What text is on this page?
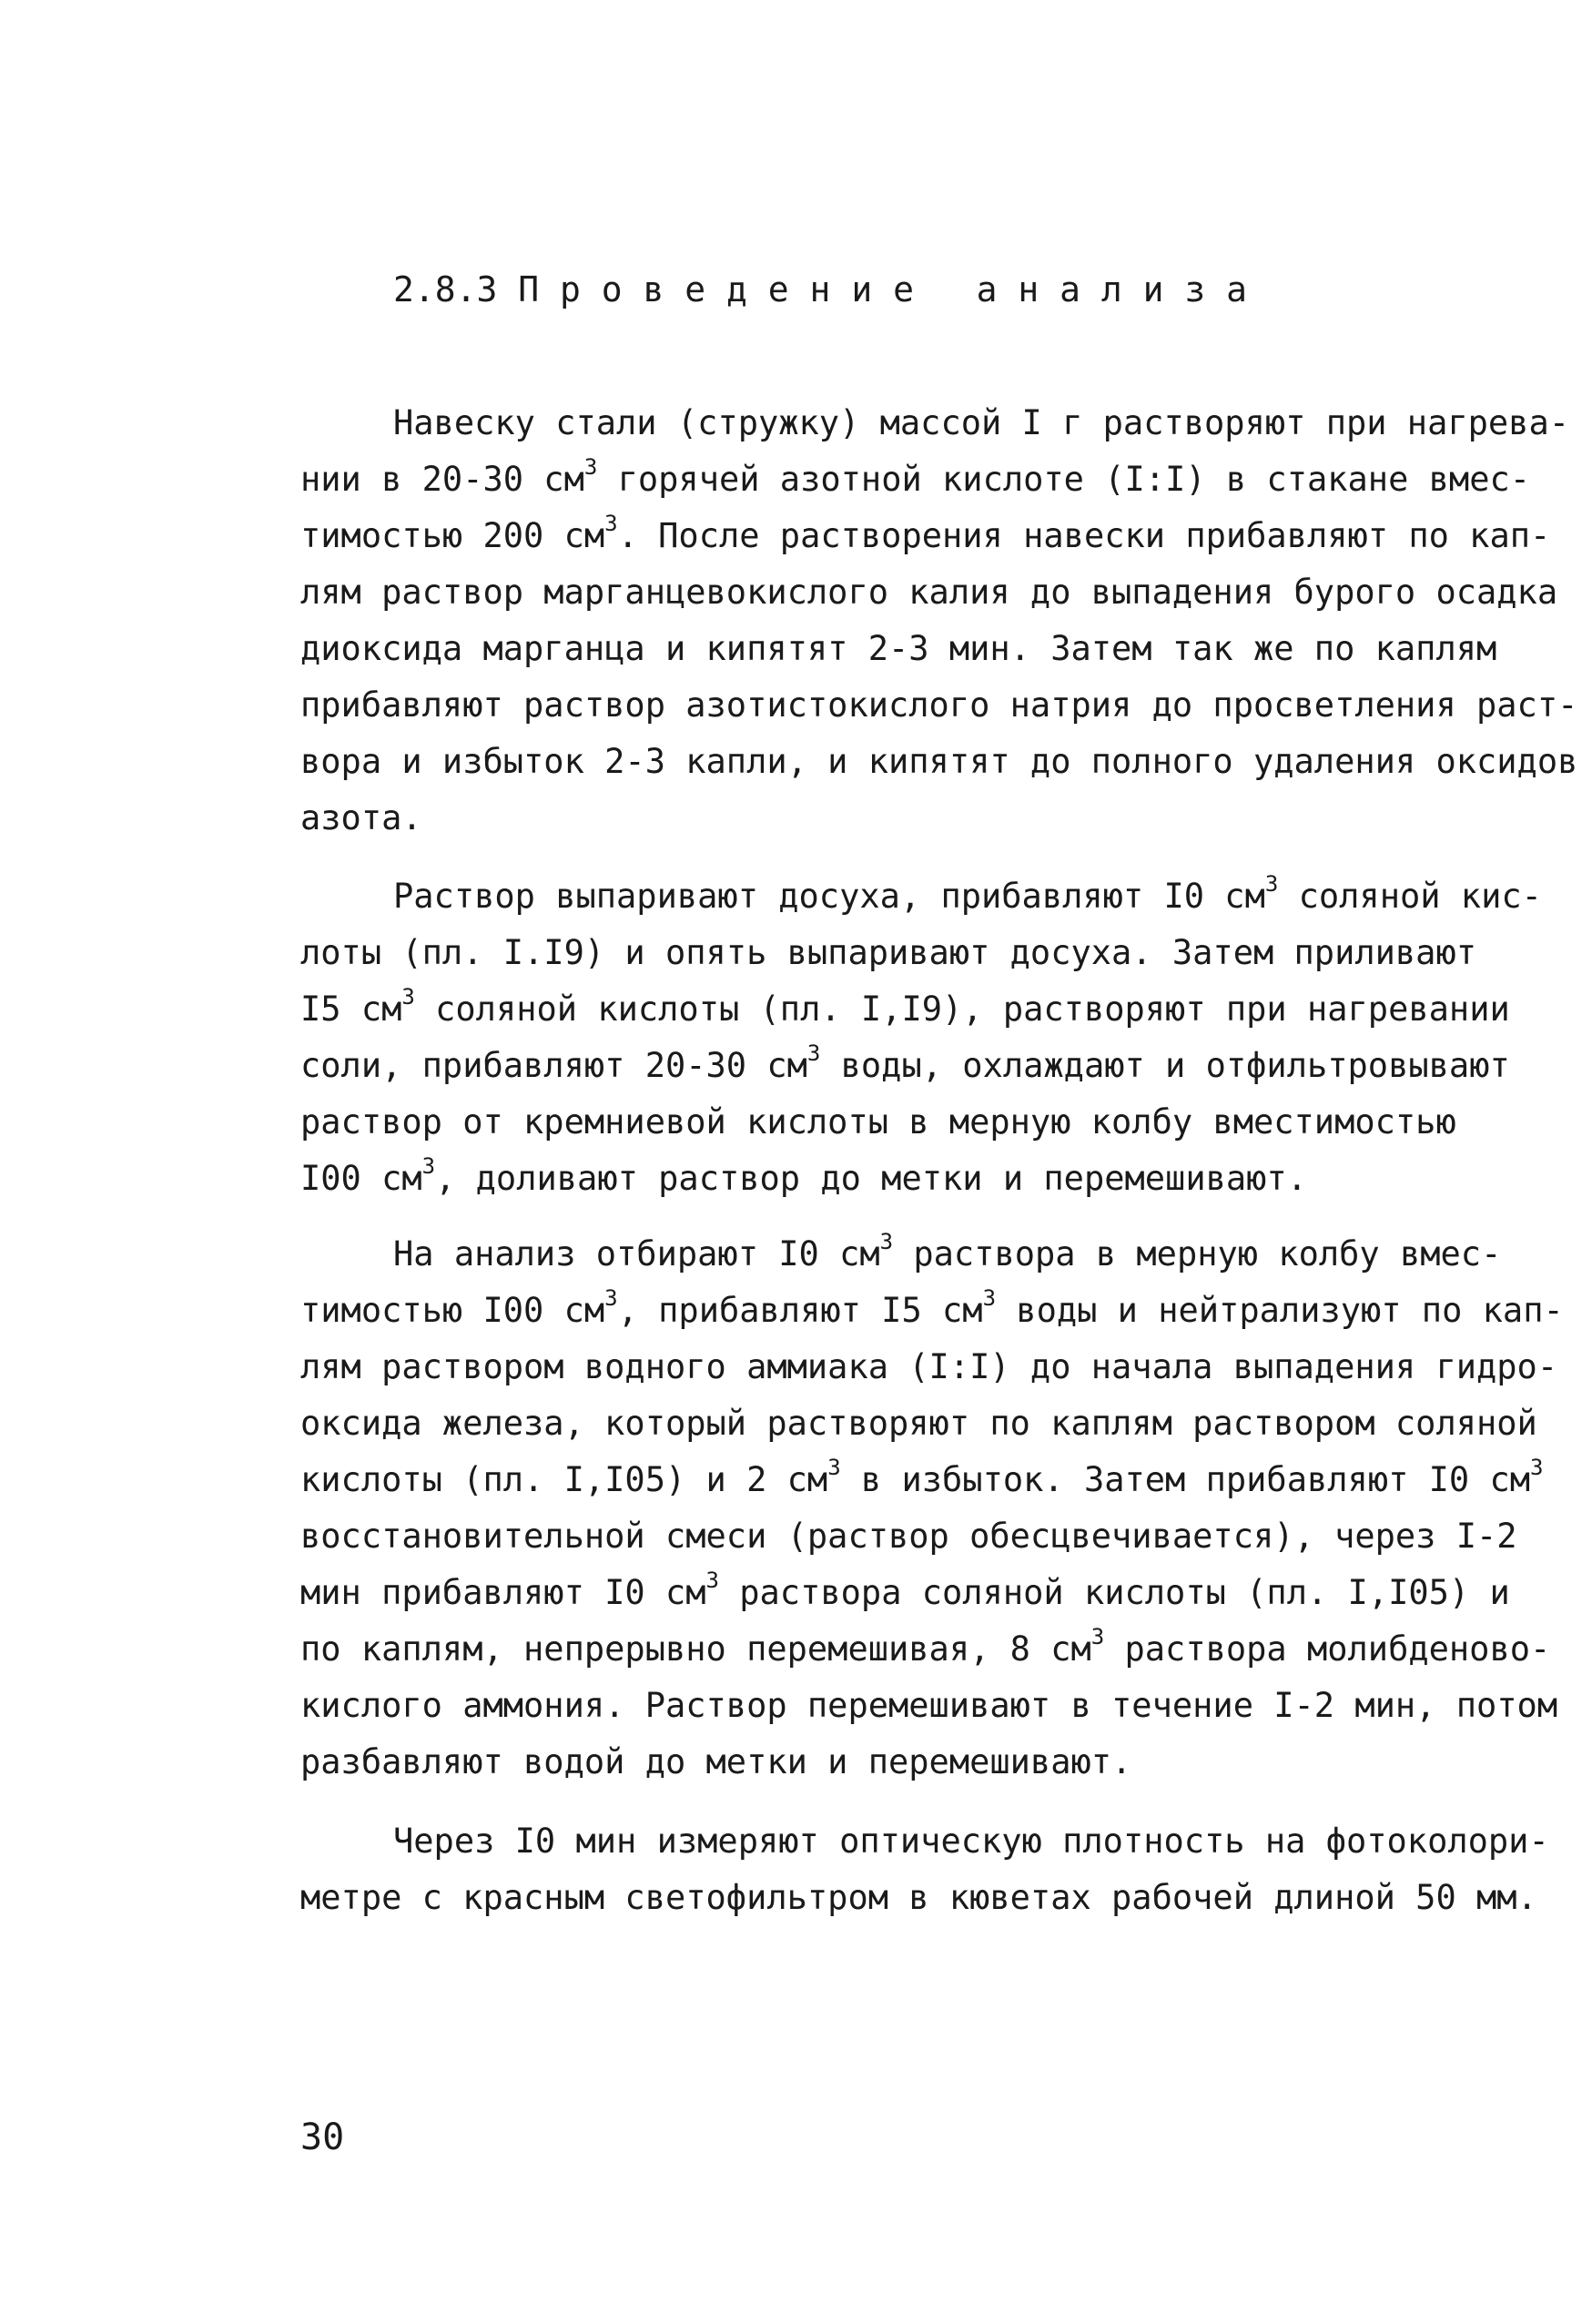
2.8.3 П р о в е д е н и е   а н а л и з а
Навеску стали (стружку) массой I г растворяют при нагрева-
нии в 20-30 $см^3$ горячей азотной кислоте (I:I) в стакане вмес-
тимостью 200 $см^3$. После растворения навески прибавляют по кап-
лям раствор марганцевокислого калия до выпадения бурого осадка
диоксида марганца и кипятят 2-3 мин. Затем так же по каплям
прибавляют раствор азотистокислого натрия до просветления раст-
вора и избыток 2-3 капли, и кипятят до полного удаления оксидов
азота.
Раствор выпаривают досуха, прибавляют I0 $см^3$ соляной кис-
лоты (пл. I.I9) и опять выпаривают досуха. Затем приливают
I5 $см^3$ соляной кислоты (пл. I,I9), растворяют при нагревании
соли, прибавляют 20-30 $см^3$ воды, охлаждают и отфильтровывают
раствор от кремниевой кислоты в мерную колбу вместимостью
I00 $см^3$, доливают раствор до метки и перемешивают.
На анализ отбирают I0 $см^3$ раствора в мерную колбу вмес-
тимостью I00 $см^3$, прибавляют I5 $см^3$ воды и нейтрализуют по кап-
лям раствором водного аммиака (I:I) до начала выпадения гидро-
оксида железа, который растворяют по каплям раствором соляной
кислоты (пл. I,I05) и 2 $см^3$ в избыток. Затем прибавляют I0 $см^3$
восстановительной смеси (раствор обесцвечивается), через I-2
мин прибавляют I0 $см^3$ раствора соляной кислоты (пл. I,I05) и
по каплям, непрерывно перемешивая, 8 $см^3$ раствора молибденово-
кислого аммония. Раствор перемешивают в течение I-2 мин, потом
разбавляют водой до метки и перемешивают.
Через I0 мин измеряют оптическую плотность на фотоколори-
метре с красным светофильтром в кюветах рабочей длиной 50 мм.
30
